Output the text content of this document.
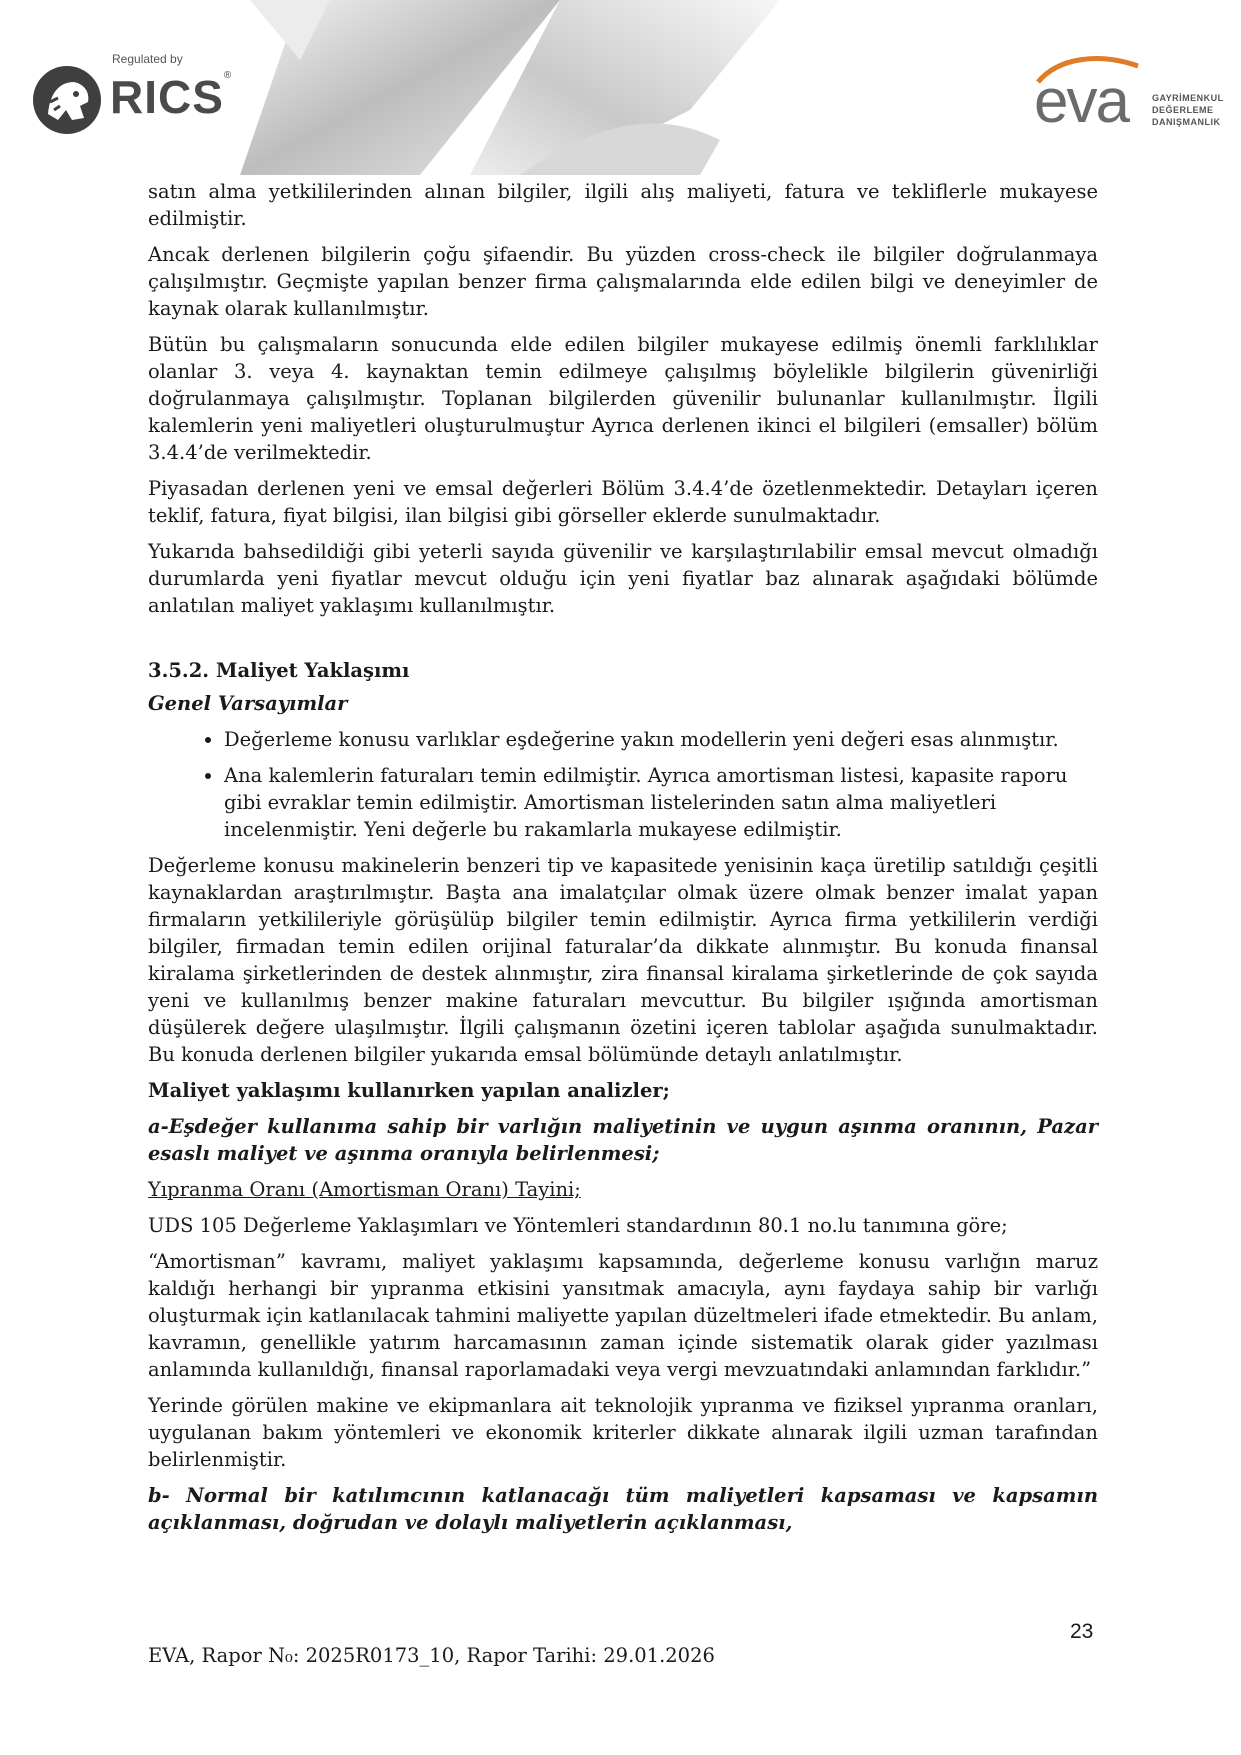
Regulated by
RICS®	eva	GAYRİMENKUL
DEĞERLEME
DANIŞMANLIK

satın alma yetkililerinden alınan bilgiler, ilgili alış maliyeti, fatura ve tekliflerle mukayese edilmiştir.

Ancak derlenen bilgilerin çoğu şifaendir. Bu yüzden cross-check ile bilgiler doğrulanmaya çalışılmıştır. Geçmişte yapılan benzer firma çalışmalarında elde edilen bilgi ve deneyimler de kaynak olarak kullanılmıştır.

Bütün bu çalışmaların sonucunda elde edilen bilgiler mukayese edilmiş önemli farklılıklar olanlar 3. veya 4. kaynaktan temin edilmeye çalışılmış böylelikle bilgilerin güvenirliği doğrulanmaya çalışılmıştır. Toplanan bilgilerden güvenilir bulunanlar kullanılmıştır. İlgili kalemlerin yeni maliyetleri oluşturulmuştur Ayrıca derlenen ikinci el bilgileri (emsaller) bölüm 3.4.4’de verilmektedir.

Piyasadan derlenen yeni ve emsal değerleri Bölüm 3.4.4’de özetlenmektedir. Detayları içeren teklif, fatura, fiyat bilgisi, ilan bilgisi gibi görseller eklerde sunulmaktadır.

Yukarıda bahsedildiği gibi yeterli sayıda güvenilir ve karşılaştırılabilir emsal mevcut olmadığı durumlarda yeni fiyatlar mevcut olduğu için yeni fiyatlar baz alınarak aşağıdaki bölümde anlatılan maliyet yaklaşımı kullanılmıştır.

3.5.2. Maliyet Yaklaşımı

Genel Varsayımlar

• Değerleme konusu varlıklar eşdeğerine yakın modellerin yeni değeri esas alınmıştır.
• Ana kalemlerin faturaları temin edilmiştir. Ayrıca amortisman listesi, kapasite raporu gibi evraklar temin edilmiştir. Amortisman listelerinden satın alma maliyetleri incelenmiştir. Yeni değerle bu rakamlarla mukayese edilmiştir.

Değerleme konusu makinelerin benzeri tip ve kapasitede yenisinin kaça üretilip satıldığı çeşitli kaynaklardan araştırılmıştır. Başta ana imalatçılar olmak üzere olmak benzer imalat yapan firmaların yetkilileriyle görüşülüp bilgiler temin edilmiştir. Ayrıca firma yetkililerin verdiği bilgiler, firmadan temin edilen orijinal faturalar’da dikkate alınmıştır. Bu konuda finansal kiralama şirketlerinden de destek alınmıştır, zira finansal kiralama şirketlerinde de çok sayıda yeni ve kullanılmış benzer makine faturaları mevcuttur. Bu bilgiler ışığında amortisman düşülerek değere ulaşılmıştır. İlgili çalışmanın özetini içeren tablolar aşağıda sunulmaktadır. Bu konuda derlenen bilgiler yukarıda emsal bölümünde detaylı anlatılmıştır.

Maliyet yaklaşımı kullanırken yapılan analizler;

a-Eşdeğer kullanıma sahip bir varlığın maliyetinin ve uygun aşınma oranının, Pazar esaslı maliyet ve aşınma oranıyla belirlenmesi;

Yıpranma Oranı (Amortisman Oranı) Tayini;

UDS 105 Değerleme Yaklaşımları ve Yöntemleri standardının 80.1 no.lu tanımına göre;

“Amortisman” kavramı, maliyet yaklaşımı kapsamında, değerleme konusu varlığın maruz kaldığı herhangi bir yıpranma etkisini yansıtmak amacıyla, aynı faydaya sahip bir varlığı oluşturmak için katlanılacak tahmini maliyette yapılan düzeltmeleri ifade etmektedir. Bu anlam, kavramın, genellikle yatırım harcamasının zaman içinde sistematik olarak gider yazılması anlamında kullanıldığı, finansal raporlamadaki veya vergi mevzuatındaki anlamından farklıdır.”

Yerinde görülen makine ve ekipmanlara ait teknolojik yıpranma ve fiziksel yıpranma oranları, uygulanan bakım yöntemleri ve ekonomik kriterler dikkate alınarak ilgili uzman tarafından belirlenmiştir.

b- Normal bir katılımcının katlanacağı tüm maliyetleri kapsaması ve kapsamın açıklanması, doğrudan ve dolaylı maliyetlerin açıklanması,

23
EVA, Rapor N₀: 2025R0173_10, Rapor Tarihi: 29.01.2026
